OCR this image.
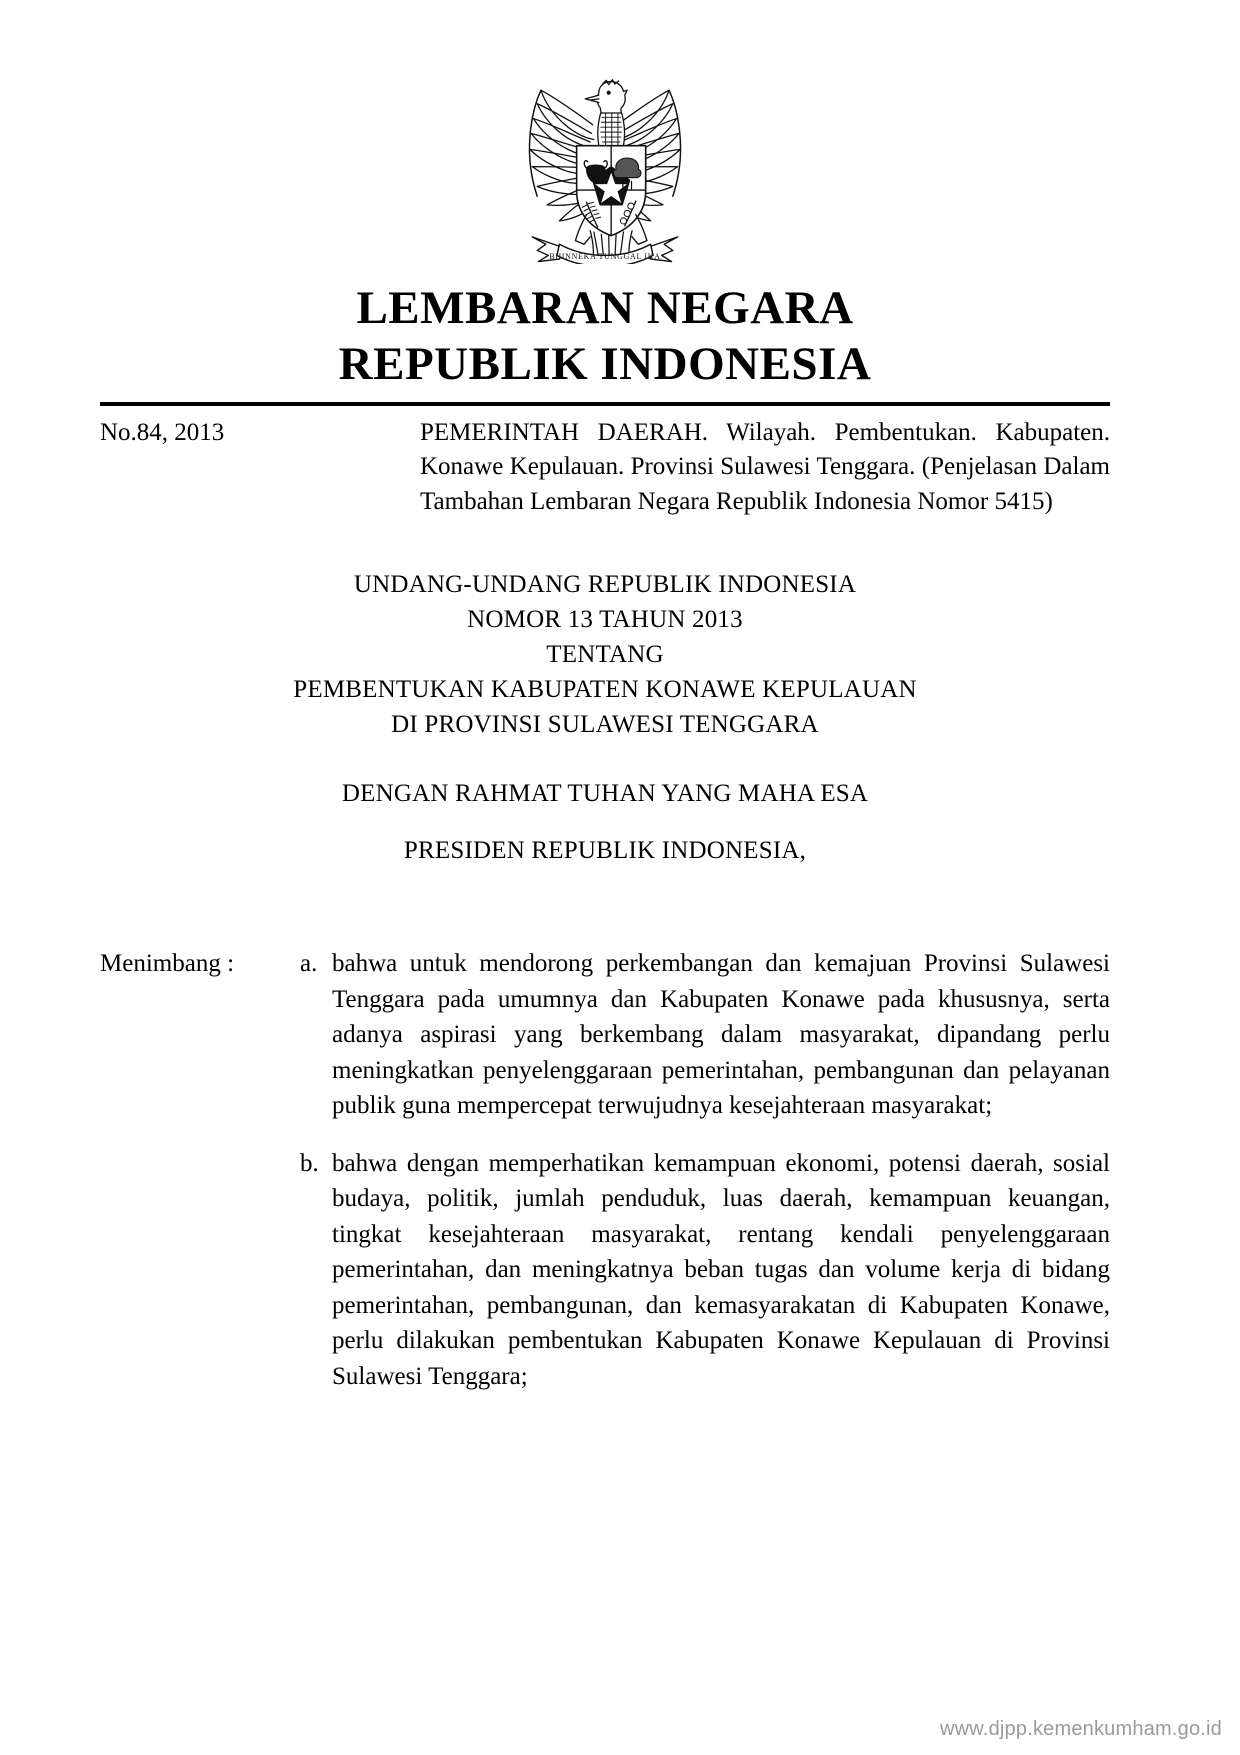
BHINNEKA TUNGGAL IKA
LEMBARAN NEGARA
REPUBLIK INDONESIA
No.84, 2013	PEMERINTAH DAERAH. Wilayah. Pembentukan. Kabupaten. Konawe Kepulauan. Provinsi Sulawesi Tenggara. (Penjelasan Dalam Tambahan Lembaran Negara Republik Indonesia Nomor 5415)
UNDANG-UNDANG REPUBLIK INDONESIA
NOMOR 13 TAHUN 2013
TENTANG
PEMBENTUKAN KABUPATEN KONAWE KEPULAUAN
DI PROVINSI SULAWESI TENGGARA
DENGAN RAHMAT TUHAN YANG MAHA ESA
PRESIDEN REPUBLIK INDONESIA,
Menimbang :	a. bahwa untuk mendorong perkembangan dan kemajuan Provinsi Sulawesi Tenggara pada umumnya dan Kabupaten Konawe pada khususnya, serta adanya aspirasi yang berkembang dalam masyarakat, dipandang perlu meningkatkan penyelenggaraan pemerintahan, pembangunan dan pelayanan publik guna mempercepat terwujudnya kesejahteraan masyarakat;
b. bahwa dengan memperhatikan kemampuan ekonomi, potensi daerah, sosial budaya, politik, jumlah penduduk, luas daerah, kemampuan keuangan, tingkat kesejahteraan masyarakat, rentang kendali penyelenggaraan pemerintahan, dan meningkatnya beban tugas dan volume kerja di bidang pemerintahan, pembangunan, dan kemasyarakatan di Kabupaten Konawe, perlu dilakukan pembentukan Kabupaten Konawe Kepulauan di Provinsi Sulawesi Tenggara;
www.djpp.kemenkumham.go.id
